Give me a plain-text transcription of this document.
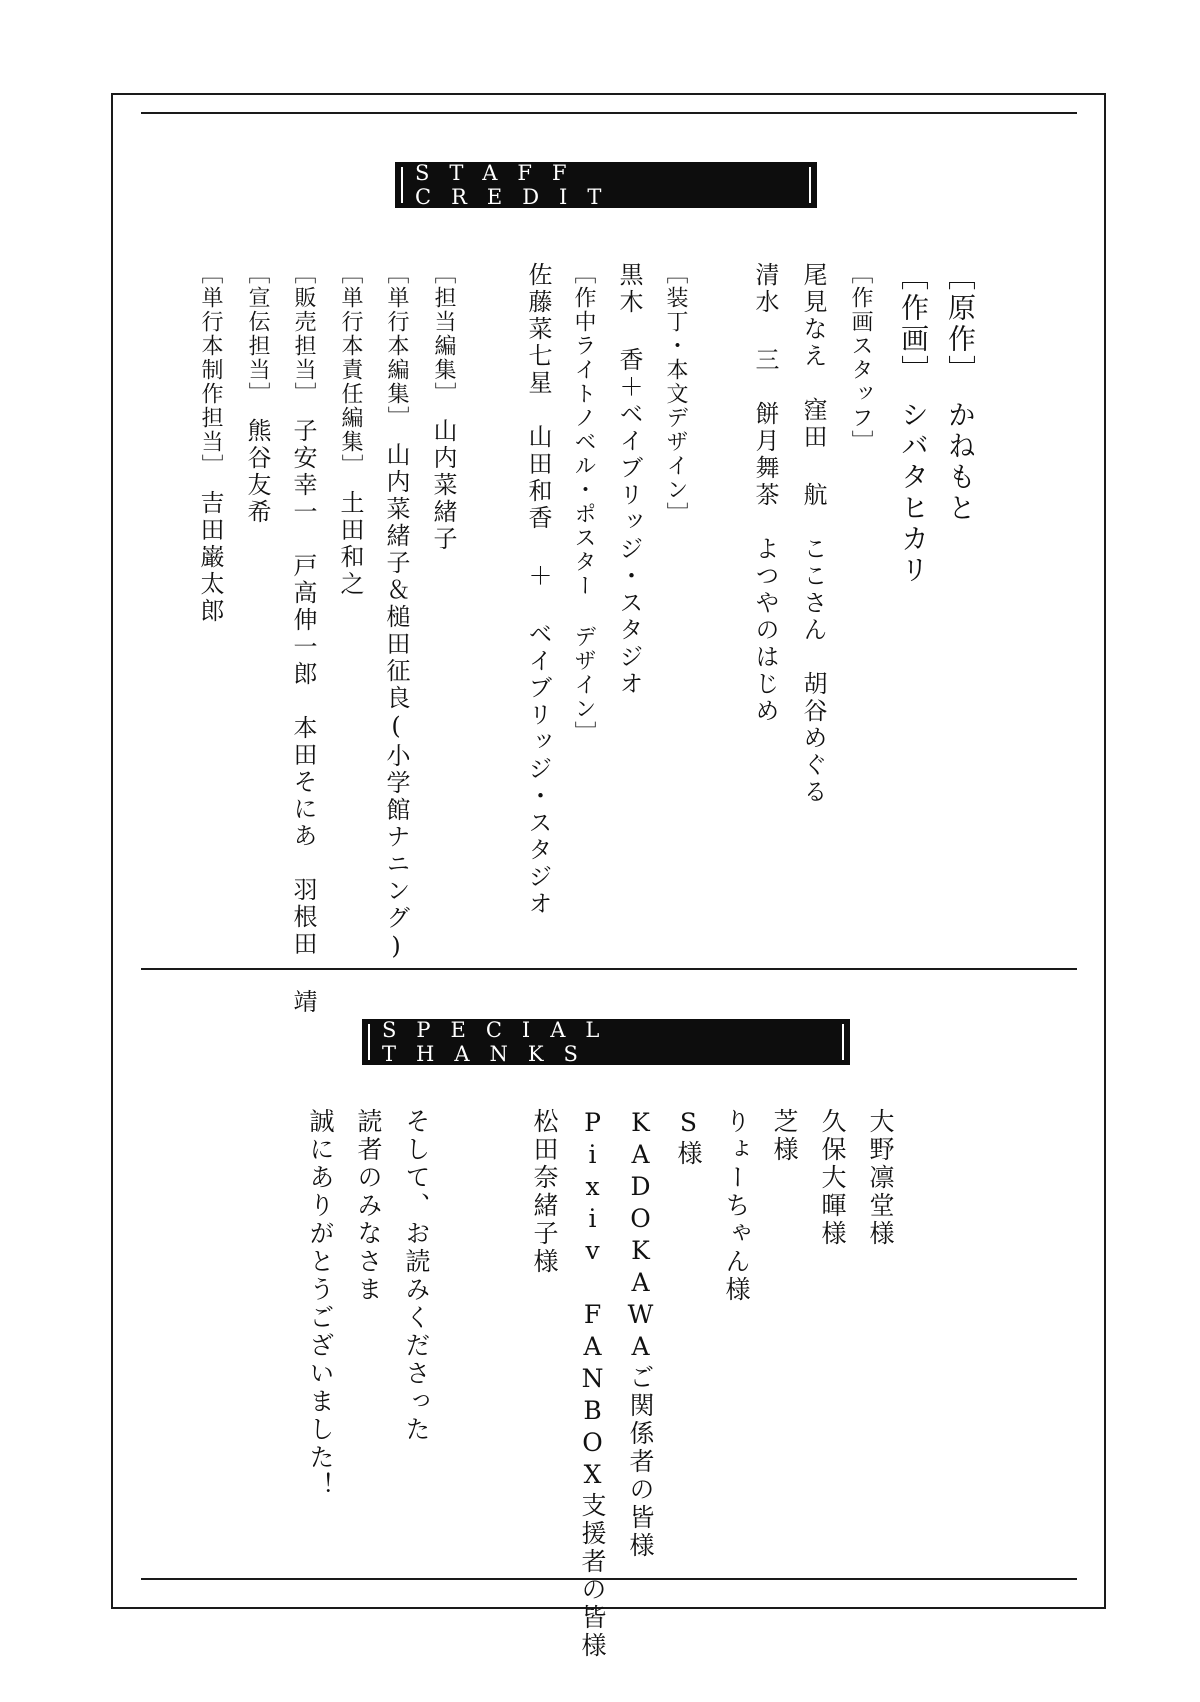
STAFF CREDIT
［原作］かねもと
［作画］シバタヒカリ
［作画スタッフ］
尾見なえ　窪田 航　ここさん　胡谷めぐる
清水 三　餅月舞茶　よつやのはじめ
［装丁・本文デザイン］
黒木 香＋ベイブリッジ・スタジオ
［作中ライトノベル・ポスター デザイン］
佐藤菜七星　山田和香 ＋ ベイブリッジ・スタジオ
［担当編集］山内菜緒子
［単行本編集］山内菜緒子＆槌田征良(小学館ナニング)
［単行本責任編集］土田和之
［販売担当］子安幸一　戸高伸一郎　本田そにあ　羽根田 靖
［宣伝担当］熊谷友希
［単行本制作担当］吉田巌太郎
SPECIAL THANKS
大野凛堂様
久保大暉様
芝様
りょーちゃん様
S様
KADOKAWAご関係者の皆様
Pixiv FANBOX支援者の皆様
松田奈緒子様
そして、お読みくださった
読者のみなさま
誠にありがとうございました！
